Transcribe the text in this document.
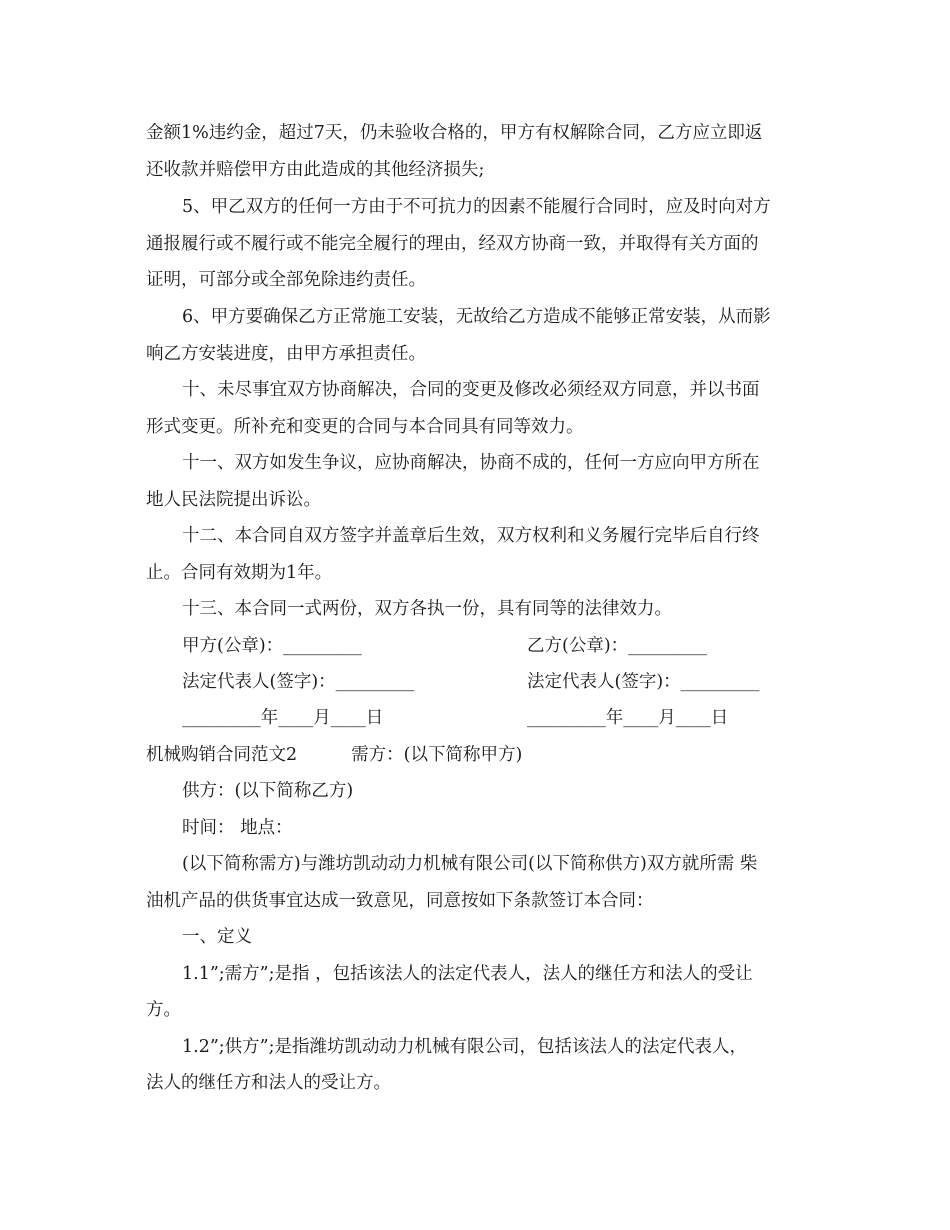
金额1%违约金，超过7天，仍未验收合格的，甲方有权解除合同，乙方应立即返

还收款并赔偿甲方由此造成的其他经济损失;

5、甲乙双方的任何一方由于不可抗力的因素不能履行合同时，应及时向对方

通报履行或不履行或不能完全履行的理由，经双方协商一致，并取得有关方面的

证明，可部分或全部免除违约责任。

6、甲方要确保乙方正常施工安装，无故给乙方造成不能够正常安装，从而影

响乙方安装进度，由甲方承担责任。

十、未尽事宜双方协商解决，合同的变更及修改必须经双方同意，并以书面

形式变更。所补充和变更的合同与本合同具有同等效力。

十一、双方如发生争议，应协商解决，协商不成的，任何一方应向甲方所在

地人民法院提出诉讼。

十二、本合同自双方签字并盖章后生效，双方权利和义务履行完毕后自行终

止。合同有效期为1年。

十三、本合同一式两份，双方各执一份，具有同等的法律效力。

甲方(公章)：_________	乙方(公章)：_________
法定代表人(签字)：_________	法定代表人(签字)：_________
_________年____月____日	_________年____月____日

机械购销合同范文2	需方：(以下简称甲方)

供方：(以下简称乙方)

时间： 地点：

(以下简称需方)与潍坊凯动动力机械有限公司(以下简称供方)双方就所需 柴

油机产品的供货事宜达成一致意见，同意按如下条款签订本合同：

一、定义

1.1”;需方”;是指 ，包括该法人的法定代表人，法人的继任方和法人的受让

方。

1.2”;供方”;是指潍坊凯动动力机械有限公司，包括该法人的法定代表人，

法人的继任方和法人的受让方。
